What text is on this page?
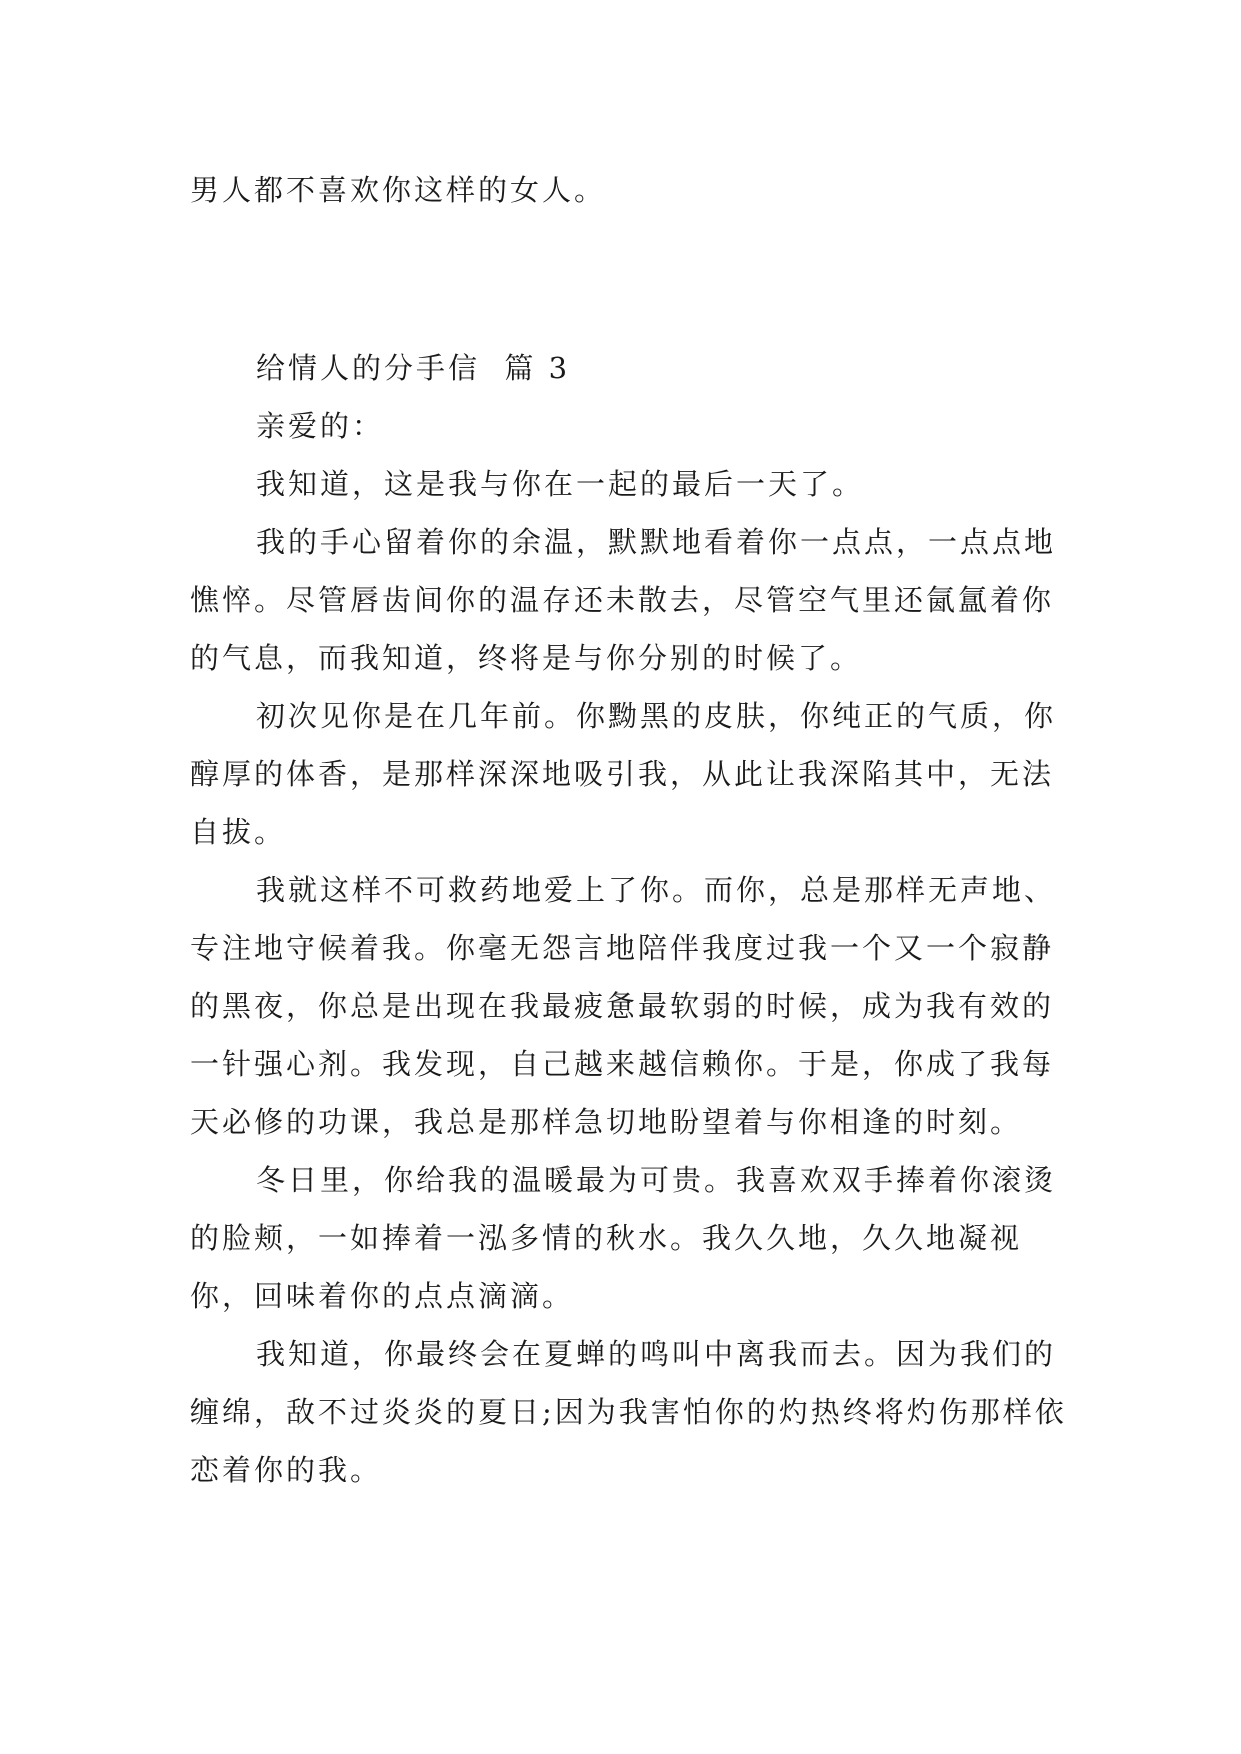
男人都不喜欢你这样的女人。

给情人的分手信  篇 3

亲爱的：

我知道，这是我与你在一起的最后一天了。

我的手心留着你的余温，默默地看着你一点点，一点点地憔悴。尽管唇齿间你的温存还未散去，尽管空气里还氤氲着你的气息，而我知道，终将是与你分别的时候了。

初次见你是在几年前。你黝黑的皮肤，你纯正的气质，你醇厚的体香，是那样深深地吸引我，从此让我深陷其中，无法自拔。

我就这样不可救药地爱上了你。而你，总是那样无声地、专注地守候着我。你毫无怨言地陪伴我度过我一个又一个寂静的黑夜，你总是出现在我最疲惫最软弱的时候，成为我有效的一针强心剂。我发现，自己越来越信赖你。于是，你成了我每天必修的功课，我总是那样急切地盼望着与你相逢的时刻。

冬日里，你给我的温暖最为可贵。我喜欢双手捧着你滚烫的脸颊，一如捧着一泓多情的秋水。我久久地，久久地凝视你，回味着你的点点滴滴。

我知道，你最终会在夏蝉的鸣叫中离我而去。因为我们的缠绵，敌不过炎炎的夏日;因为我害怕你的灼热终将灼伤那样依恋着你的我。
